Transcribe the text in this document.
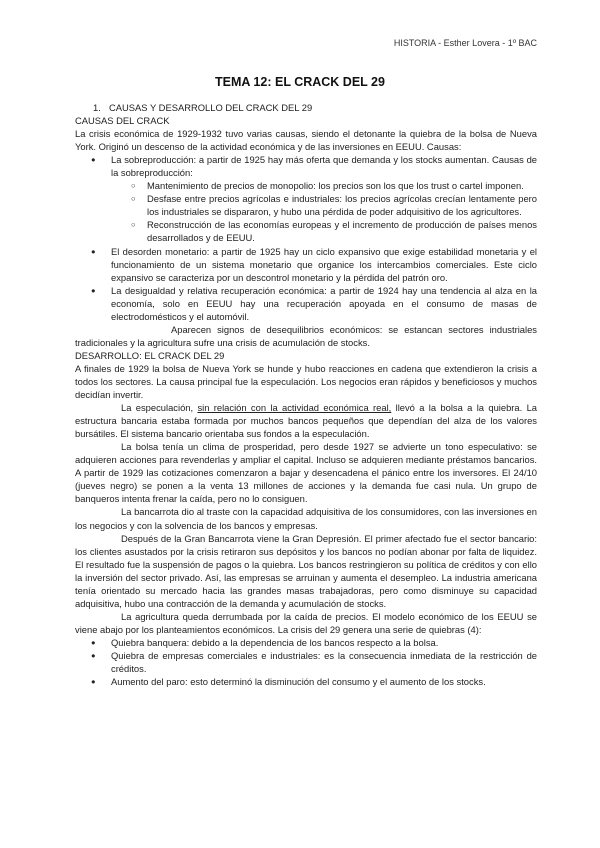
HISTORIA - Esther Lovera - 1º BAC
TEMA 12: EL CRACK DEL 29

1. CAUSAS Y DESARROLLO DEL CRACK DEL 29

CAUSAS DEL CRACK

La crisis económica de 1929-1932 tuvo varias causas, siendo el detonante la quiebra de la bolsa de Nueva York. Originó un descenso de la actividad económica y de las inversiones en EEUU. Causas:

● La sobreproducción: a partir de 1925 hay más oferta que demanda y los stocks aumentan. Causas de la sobreproducción:
○ Mantenimiento de precios de monopolio: los precios son los que los trust o cartel imponen.
○ Desfase entre precios agrícolas e industriales: los precios agrícolas crecían lentamente pero los industriales se dispararon, y hubo una pérdida de poder adquisitivo de los agricultores.
○ Reconstrucción de las economías europeas y el incremento de producción de países menos desarrollados y de EEUU.
● El desorden monetario: a partir de 1925 hay un ciclo expansivo que exige estabilidad monetaria y el funcionamiento de un sistema monetario que organice los intercambios comerciales. Este ciclo expansivo se caracteriza por un descontrol monetario y la pérdida del patrón oro.
● La desigualdad y relativa recuperación económica: a partir de 1924 hay una tendencia al alza en la economía, solo en EEUU hay una recuperación apoyada en el consumo de masas de electrodomésticos y el automóvil.

Aparecen signos de desequilibrios económicos: se estancan sectores industriales tradicionales y la agricultura sufre una crisis de acumulación de stocks.

DESARROLLO: EL CRACK DEL 29

A finales de 1929 la bolsa de Nueva York se hunde y hubo reacciones en cadena que extendieron la crisis a todos los sectores. La causa principal fue la especulación. Los negocios eran rápidos y beneficiosos y muchos decidían invertir.

La especulación, sin relación con la actividad económica real, llevó a la bolsa a la quiebra. La estructura bancaria estaba formada por muchos bancos pequeños que dependían del alza de los valores bursátiles. El sistema bancario orientaba sus fondos a la especulación.

La bolsa tenía un clima de prosperidad, pero desde 1927 se advierte un tono especulativo: se adquieren acciones para revenderlas y ampliar el capital. Incluso se adquieren mediante préstamos bancarios. A partir de 1929 las cotizaciones comenzaron a bajar y desencadena el pánico entre los inversores. El 24/10 (jueves negro) se ponen a la venta 13 millones de acciones y la demanda fue casi nula. Un grupo de banqueros intenta frenar la caída, pero no lo consiguen.

La bancarrota dio al traste con la capacidad adquisitiva de los consumidores, con las inversiones en los negocios y con la solvencia de los bancos y empresas.

Después de la Gran Bancarrota viene la Gran Depresión. El primer afectado fue el sector bancario: los clientes asustados por la crisis retiraron sus depósitos y los bancos no podían abonar por falta de liquidez. El resultado fue la suspensión de pagos o la quiebra. Los bancos restringieron su política de créditos y con ello la inversión del sector privado. Así, las empresas se arruinan y aumenta el desempleo. La industria americana tenía orientado su mercado hacia las grandes masas trabajadoras, pero como disminuye su capacidad adquisitiva, hubo una contracción de la demanda y acumulación de stocks.

La agricultura queda derrumbada por la caída de precios. El modelo económico de los EEUU se viene abajo por los planteamientos económicos. La crisis del 29 genera una serie de quiebras (4):

● Quiebra banquera: debido a la dependencia de los bancos respecto a la bolsa.
● Quiebra de empresas comerciales e industriales: es la consecuencia inmediata de la restricción de créditos.
● Aumento del paro: esto determinó la disminución del consumo y el aumento de los stocks.
